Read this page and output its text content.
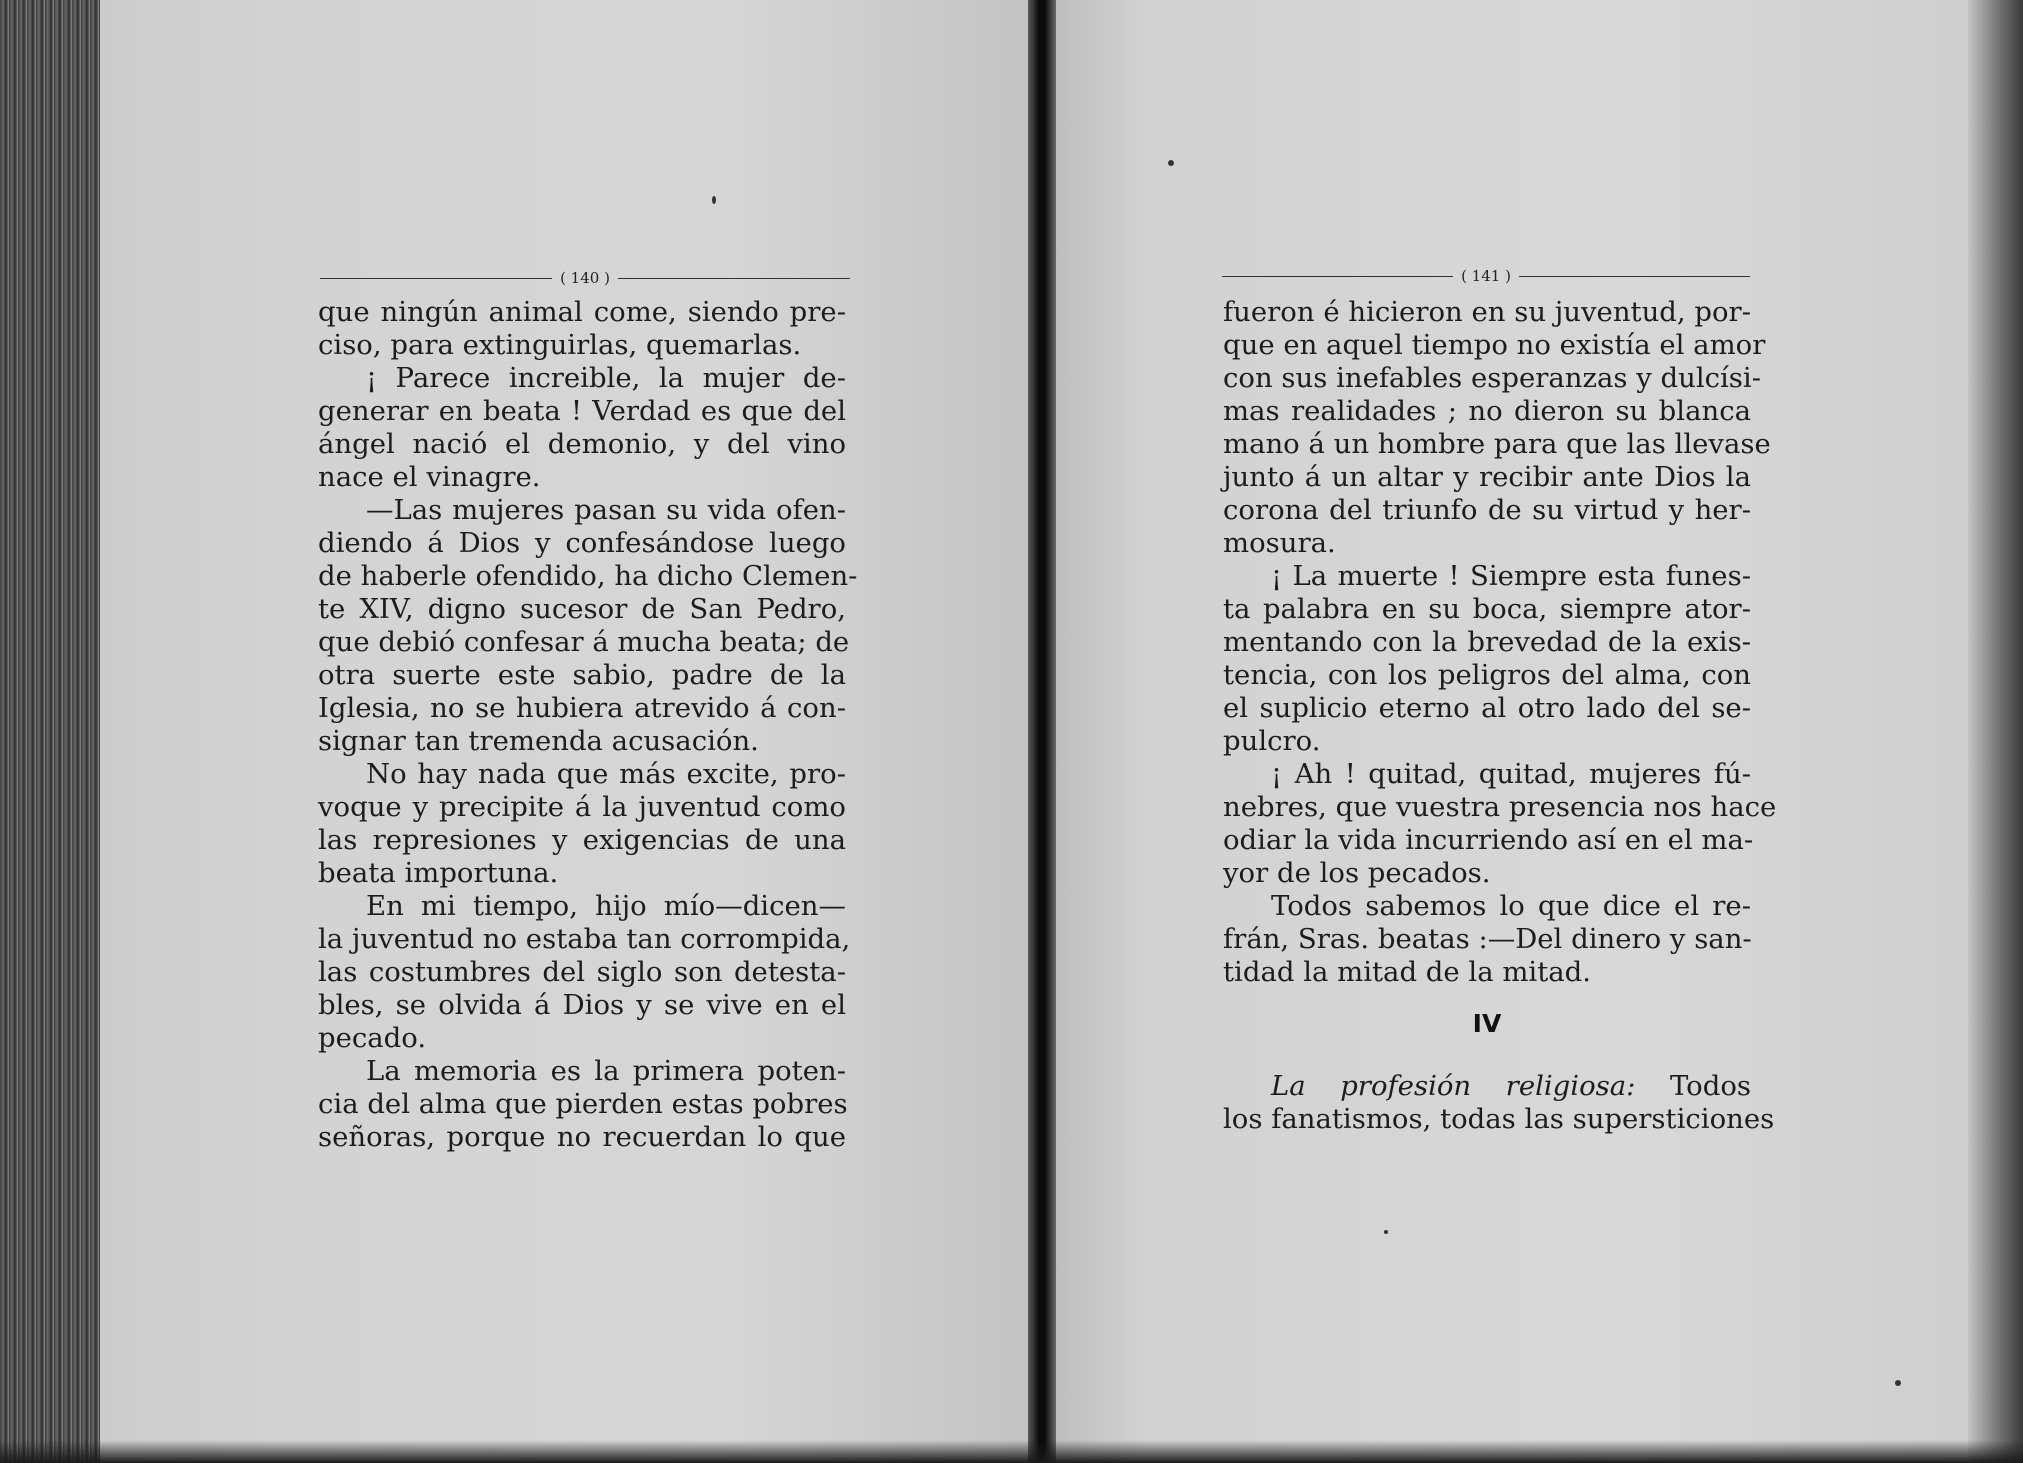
( 140 )
que ningún animal come, siendo pre-
ciso, para extinguirlas, quemarlas.
¡ Parece increible, la mujer de-
generar en beata ! Verdad es que del
ángel nació el demonio, y del vino
nace el vinagre.
—Las mujeres pasan su vida ofen-
diendo á Dios y confesándose luego
de haberle ofendido, ha dicho Clemen-
te XIV, digno sucesor de San Pedro,
que debió confesar á mucha beata; de
otra suerte este sabio, padre de la
Iglesia, no se hubiera atrevido á con-
signar tan tremenda acusación.
No hay nada que más excite, pro-
voque y precipite á la juventud como
las represiones y exigencias de una
beata importuna.
En mi tiempo, hijo mío—dicen—
la juventud no estaba tan corrompida,
las costumbres del siglo son detesta-
bles, se olvida á Dios y se vive en el
pecado.
La memoria es la primera poten-
cia del alma que pierden estas pobres
señoras, porque no recuerdan lo que
( 141 )
fueron é hicieron en su juventud, por-
que en aquel tiempo no existía el amor
con sus inefables esperanzas y dulcísi-
mas realidades ; no dieron su blanca
mano á un hombre para que las llevase
junto á un altar y recibir ante Dios la
corona del triunfo de su virtud y her-
mosura.
¡ La muerte ! Siempre esta funes-
ta palabra en su boca, siempre ator-
mentando con la brevedad de la exis-
tencia, con los peligros del alma, con
el suplicio eterno al otro lado del se-
pulcro.
¡ Ah ! quitad, quitad, mujeres fú-
nebres, que vuestra presencia nos hace
odiar la vida incurriendo así en el ma-
yor de los pecados.
Todos sabemos lo que dice el re-
frán, Sras. beatas :—Del dinero y san-
tidad la mitad de la mitad.
IV
La profesión religiosa: Todos
los fanatismos, todas las supersticiones
